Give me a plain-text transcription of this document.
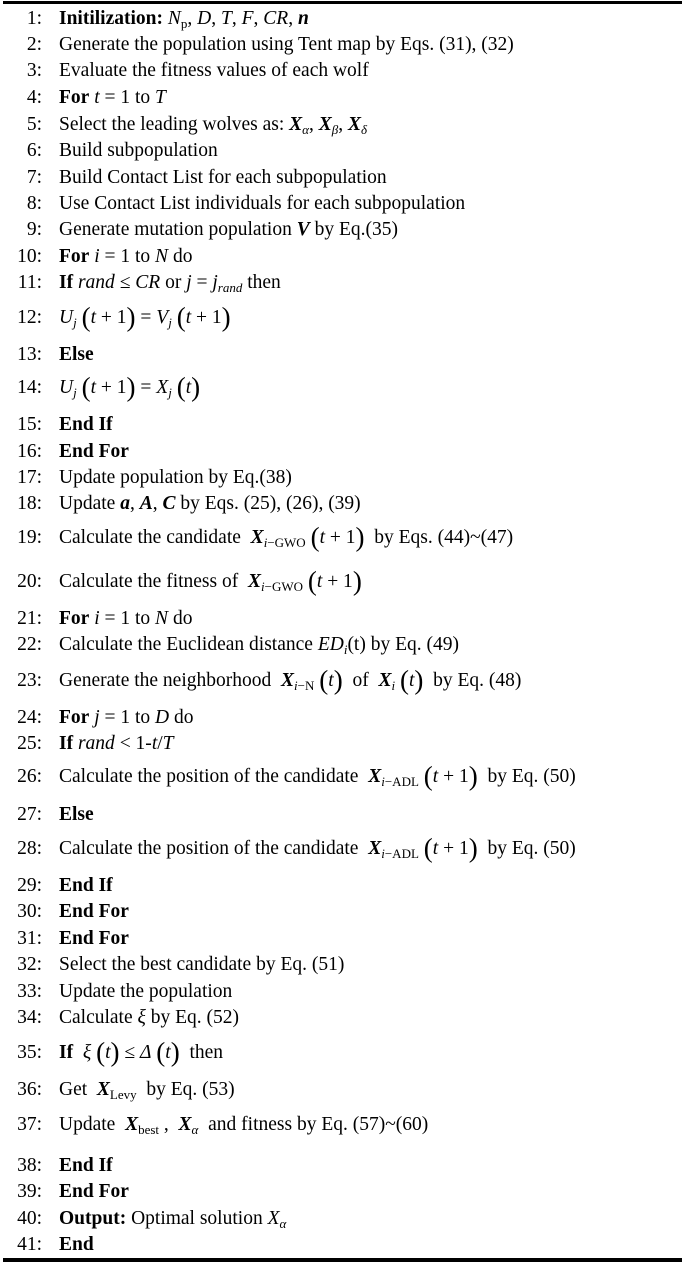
1: Initilization: $N_p$, D, T, F, CR, n
2: Generate the population using Tent map by Eqs. (31), (32)
3: Evaluate the fitness values of each wolf
4: For t = 1 to T
5: Select the leading wolves as: $X_\alpha$, $X_\beta$, $X_\delta$
6: Build subpopulation
7: Build Contact List for each subpopulation
8: Use Contact List individuals for each subpopulation
9: Generate mutation population V by Eq.(35)
10: For i = 1 to N do
11: If rand ≤ CR or $j = j_{rand}$ then
12: $U_j$ $(t + 1) = V_j$ (t + 1)
13: Else
14: $U_j$ $(t + 1) = X_j$ (t)
15: End If
16: End For
17: Update population by Eq.(38)
18: Update a, A, C by Eqs. (25), (26), (39)
19: Calculate the candidate  $X_{i-GWO}$ (t + 1)  by Eqs. (44)~(47)
20: Calculate the fitness of  $X_{i-GWO}$ (t + 1)
21: For i = 1 to N do
22: Calculate the Euclidean distance $ED_i(t)$ by Eq. (49)
23: Generate the neighborhood  $X_{i-N}$ (t)  of  $X_i$ (t)  by Eq. (48)
24: For j = 1 to D do
25: If rand < 1-t/T
26: Calculate the position of the candidate  $X_{i-ADL}$ (t + 1)  by Eq. (50)
27: Else
28: Calculate the position of the candidate  $X_{i-ADL}$ (t + 1)  by Eq. (50)
29: End If
30: End For
31: End For
32: Select the best candidate by Eq. (51)
33: Update the population
34: Calculate ξ by Eq. (52)
35: If ξ (t) ≤ Δ (t)  then
36: Get  $X_{Levy}$  by Eq. (53)
37: Update  $X_{best}$ ,  $X_\alpha$  and fitness by Eq. (57)~(60)
38: End If
39: End For
40: Output: Optimal solution $X_\alpha$
41: End
